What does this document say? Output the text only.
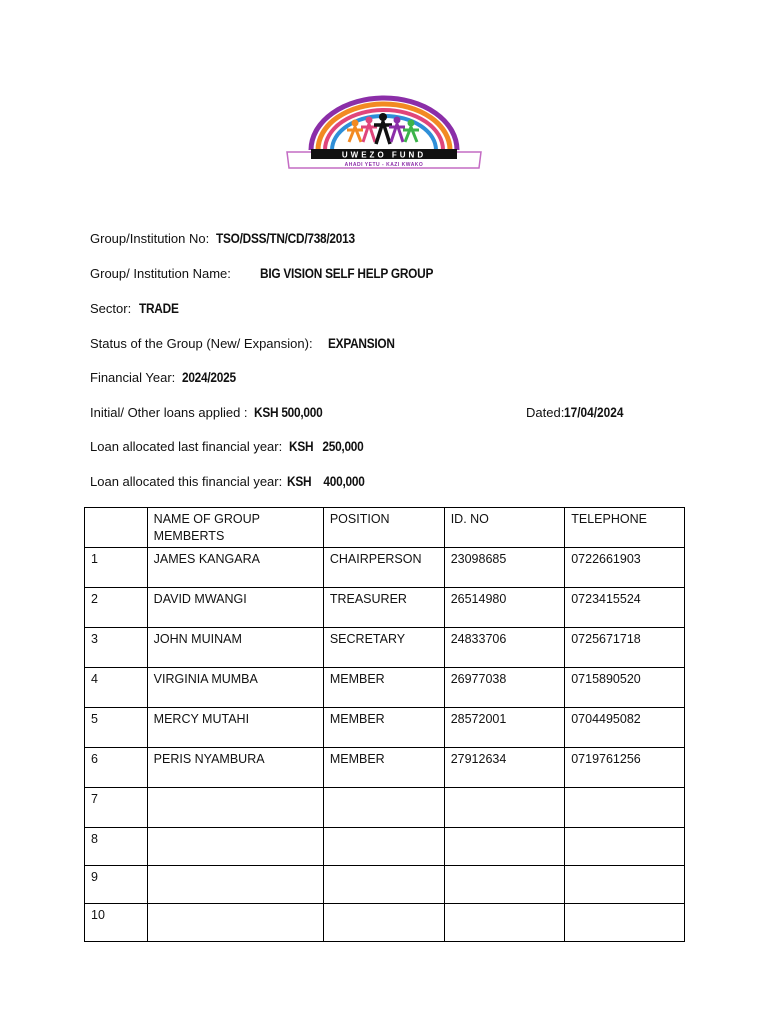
UWEZO FUND
AHADI YETU - KAZI KWAKO
Group/Institution No: TSO/DSS/TN/CD/738/2013
Group/ Institution Name: BIG VISION SELF HELP GROUP
Sector: TRADE
Status of the Group (New/ Expansion): EXPANSION
Financial Year: 2024/2025
Initial/ Other loans applied : KSH 500,000	Dated:17/04/2024
Loan allocated last financial year: KSH   250,000
Loan allocated this financial year: KSH    400,000
	NAME OF GROUP MEMBERTS	POSITION	ID. NO	TELEPHONE
1	JAMES KANGARA	CHAIRPERSON	23098685	0722661903
2	DAVID MWANGI	TREASURER	26514980	0723415524
3	JOHN MUINAM	SECRETARY	24833706	0725671718
4	VIRGINIA MUMBA	MEMBER	26977038	0715890520
5	MERCY MUTAHI	MEMBER	28572001	0704495082
6	PERIS NYAMBURA	MEMBER	27912634	0719761256
7				
8				
9				
10				
